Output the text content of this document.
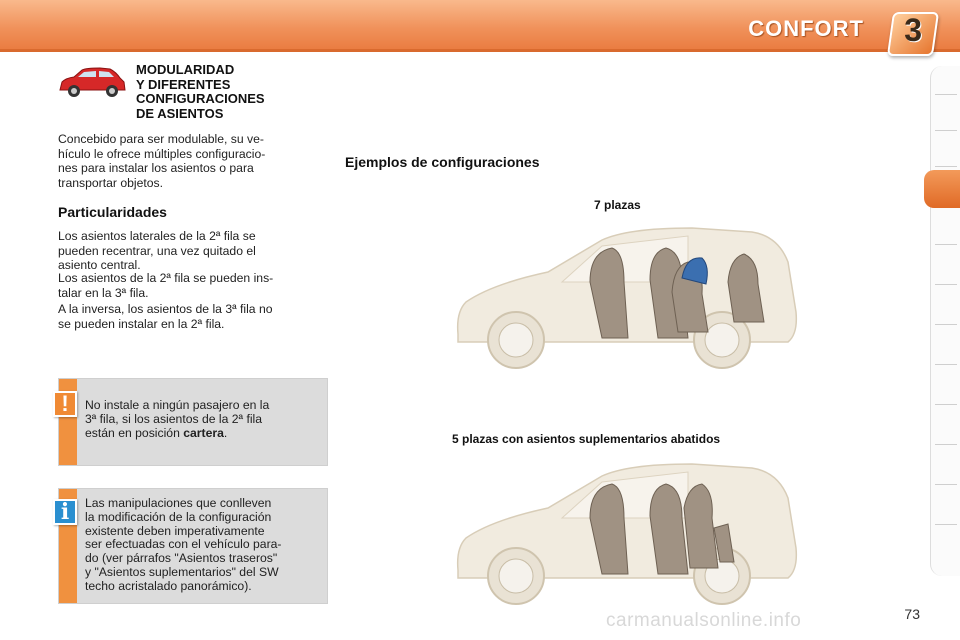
CONFORT 3
MODULARIDAD
Y DIFERENTES
CONFIGURACIONES
DE ASIENTOS
Concebido para ser modulable, su ve-
hículo le ofrece múltiples configuracio-
nes para instalar los asientos o para
transportar objetos.
Particularidades
Los asientos laterales de la 2ª fila se
pueden recentrar, una vez quitado el
asiento central.
Los asientos de la 2ª fila se pueden ins-
talar en la 3ª fila.
A la inversa, los asientos de la 3ª fila no
se pueden instalar en la 2ª fila.
!	No instale a ningún pasajero en la
3ª fila, si los asientos de la 2ª fila
están en posición cartera.
i	Las manipulaciones que conlleven
la modificación de la configuración
existente deben imperativamente
ser efectuadas con el vehículo para-
do (ver párrafos "Asientos traseros"
y "Asientos suplementarios" del SW
techo acristalado panorámico).
Ejemplos de configuraciones
7 plazas
5 plazas con asientos suplementarios abatidos
73
carmanualsonline.info
